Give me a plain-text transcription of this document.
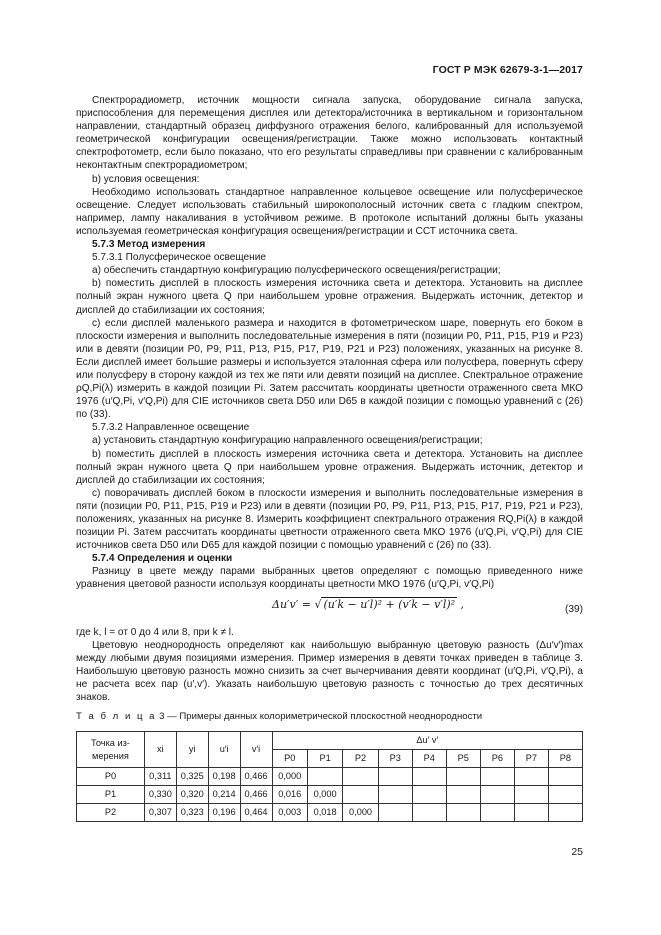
ГОСТ Р МЭК 62679-3-1—2017

Спектрорадиометр, источник мощности сигнала запуска, оборудование сигнала запуска, приспособления для перемещения дисплея или детектора/источника в вертикальном и горизонтальном направлении, стандартный образец диффузного отражения белого, калиброванный для используемой геометрической конфигурации освещения/регистрации. Также можно использовать контактный спектрофотометр, если было показано, что его результаты справедливы при сравнении с калиброванным неконтактным спектрорадиометром;

b) условия освещения:

Необходимо использовать стандартное направленное кольцевое освещение или полусферическое освещение. Следует использовать стабильный широкополосный источник света с гладким спектром, например, лампу накаливания в устойчивом режиме. В протоколе испытаний должны быть указаны используемая геометрическая конфигурация освещения/регистрации и ССТ источника света.

5.7.3 Метод измерения

5.7.3.1 Полусферическое освещение

a) обеспечить стандартную конфигурацию полусферического освещения/регистрации;

b) поместить дисплей в плоскость измерения источника света и детектора. Установить на дисплее полный экран нужного цвета Q при наибольшем уровне отражения. Выдержать источник, детектор и дисплей до стабилизации их состояния;

c) если дисплей маленького размера и находится в фотометрическом шаре, повернуть его боком в плоскости измерения и выполнить последовательные измерения в пяти (позиции P0, P11, P15, P19 и P23) или в девяти (позиции P0, P9, P11, P13, P15, P17, P19, P21 и P23) положениях, указанных на рисунке 8. Если дисплей имеет большие размеры и используется эталонная сфера или полусфера, повернуть сферу или полусферу в сторону каждой из тех же пяти или девяти позиций на дисплее. Спектральное отражение ρQ,Pi(λ) измерить в каждой позиции Pi. Затем рассчитать координаты цветности отраженного света МКО 1976 (u′Q,Pi, v′Q,Pi) для CIE источников света D50 или D65 в каждой позиции с помощью уравнений с (26) по (33).

5.7.3.2 Направленное освещение

a) установить стандартную конфигурацию направленного освещения/регистрации;

b) поместить дисплей в плоскость измерения источника света и детектора. Установить на дисплее полный экран нужного цвета Q при наибольшем уровне отражения. Выдержать источник, детектор и дисплей до стабилизации их состояния;

c) поворачивать дисплей боком в плоскости измерения и выполнить последовательные измерения в пяти (позиции P0, P11, P15, P19 и P23) или в девяти (позиции P0, P9, P11, P13, P15, P17, P19, P21 и P23), положениях, указанных на рисунке 8. Измерить коэффициент спектрального отражения RQ,Pi(λ) в каждой позиции Pi. Затем рассчитать координаты цветности отраженного света МКО 1976 (u′Q,Pi, v′Q,Pi) для CIE источников света D50 или D65 для каждой позиции с помощью уравнений с (26) по (33).

5.7.4 Определения и оценки

Разницу в цвете между парами выбранных цветов определяют с помощью приведенного ниже уравнения цветовой разности используя координаты цветности МКО 1976 (u′Q,Pi, v′Q,Pi)

Δu′v′ = √ (u′k − u′l)² + (v′k − v′l)² ,	(39)

где k, l = от 0 до 4 или 8, при k ≠ l.

Цветовую неоднородность определяют как наибольшую выбранную цветовую разность (Δu′v′)max между любыми двумя позициями измерения. Пример измерения в девяти точках приведен в таблице 3. Наибольшую цветовую разность можно снизить за счет вычерчивания девяти координат (u′Q,Pi, v′Q,Pi), а не расчета всех пар (u′,v′). Указать наибольшую цветовую разность с точностью до трех десятичных знаков.

Т а б л и ц а 3 — Примеры данных колориметрической плоскостной неоднородности

Точка из-мерения	xi	yi	u′i	v′i	Δu′ v′								
					P0	P1	P2	P3	P4	P5	P6	P7	P8
P0	0,311	0,325	0,198	0,466	0,000								
P1	0,330	0,320	0,214	0,466	0,016	0,000							
P2	0,307	0,323	0,196	0,464	0,003	0,018	0,000						
25
